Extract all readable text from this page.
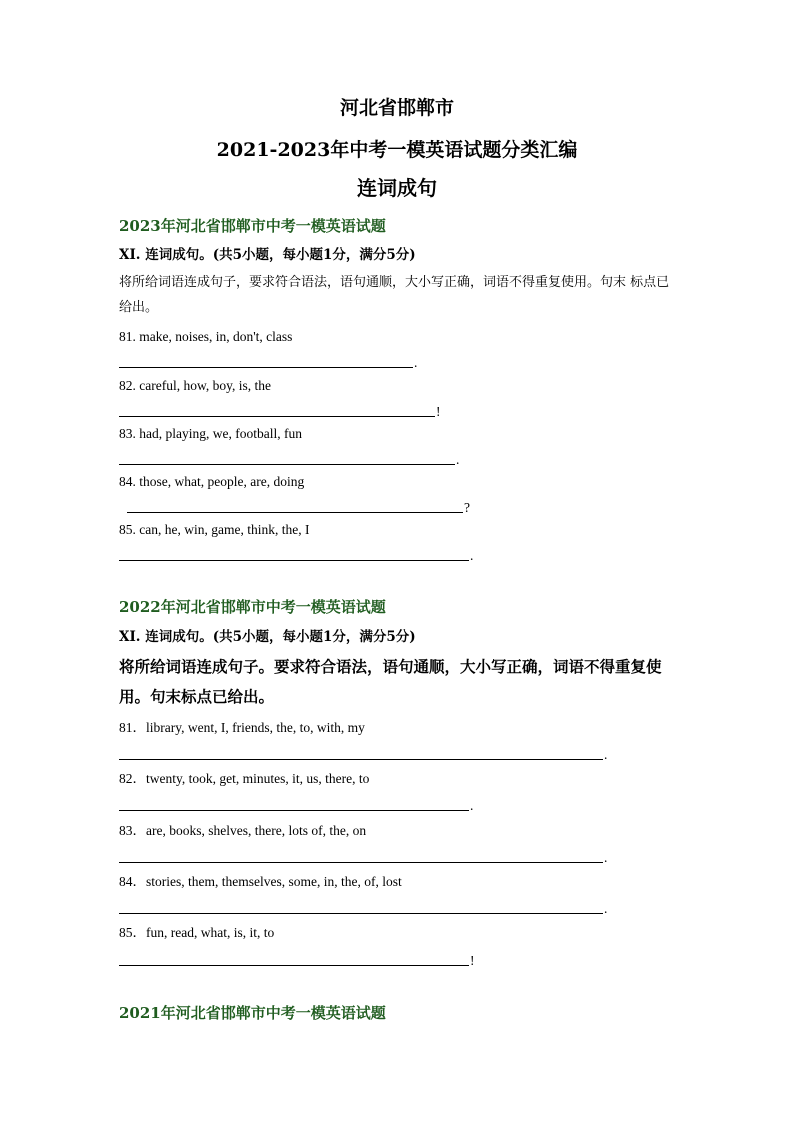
河北省邯郸市
2021-2023年中考一模英语试题分类汇编
连词成句
2023年河北省邯郸市中考一模英语试题
XI. 连词成句。(共5小题，每小题1分，满分5分)
将所给词语连成句子，要求符合语法，语句通顺，大小写正确，词语不得重复使用。句末 标点已给出。
81. make, noises, in, don't, class
.
82. careful, how, boy, is, the
!
83. had, playing, we, football, fun
.
84. those, what, people, are, doing
?
85. can, he, win, game, think, the, I
.
2022年河北省邯郸市中考一模英语试题
XI. 连词成句。(共5小题，每小题1分，满分5分)
将所给词语连成句子。要求符合语法，语句通顺，大小写正确，词语不得重复使用。句末标点已给出。
81．library, went, I, friends, the, to, with, my
.
82．twenty, took, get, minutes, it, us, there, to
.
83．are, books, shelves, there, lots of, the, on
.
84．stories, them, themselves, some, in, the, of, lost
.
85．fun, read, what, is, it, to
!
2021年河北省邯郸市中考一模英语试题
